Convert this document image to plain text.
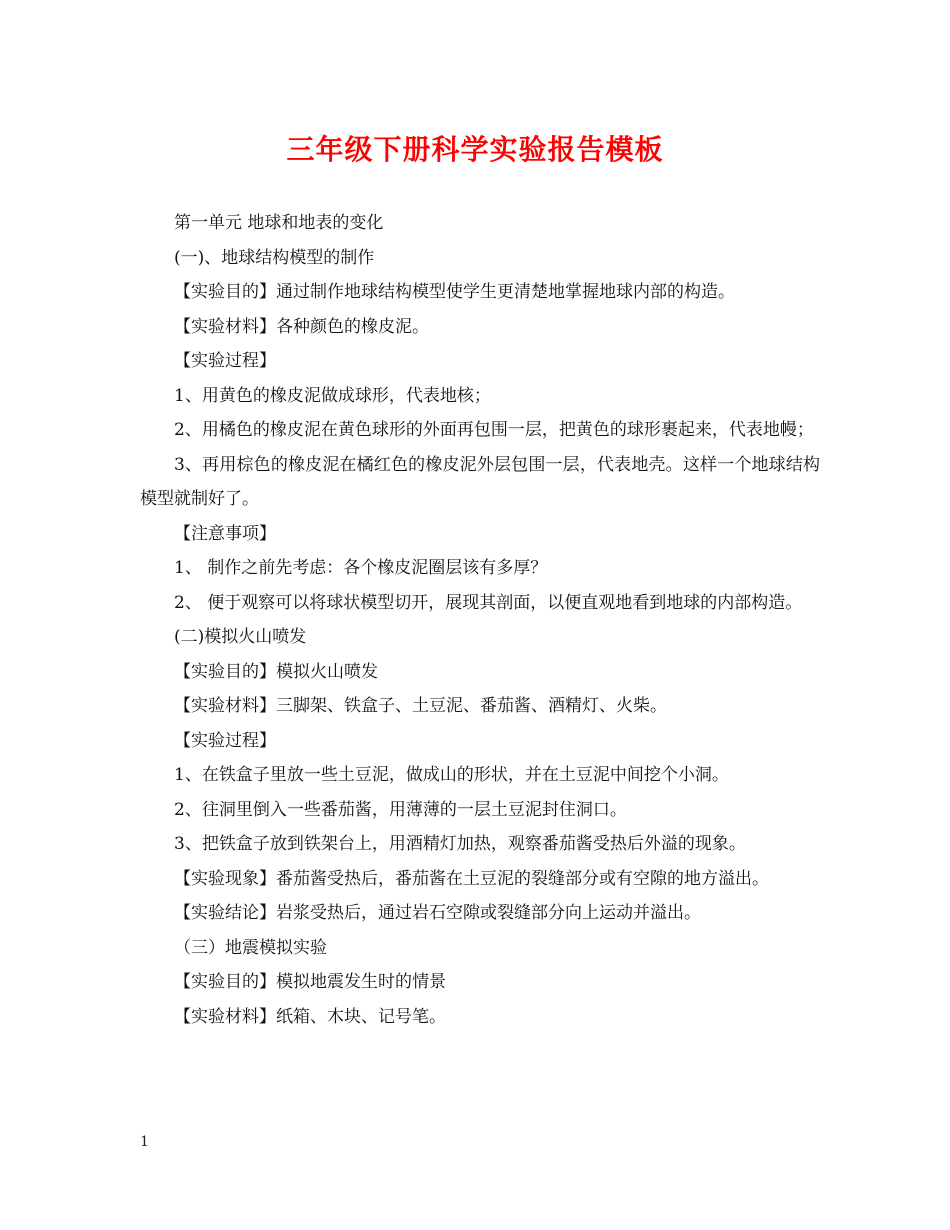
三年级下册科学实验报告模板

第一单元 地球和地表的变化

(一)、地球结构模型的制作

【实验目的】通过制作地球结构模型使学生更清楚地掌握地球内部的构造。

【实验材料】各种颜色的橡皮泥。

【实验过程】

1、用黄色的橡皮泥做成球形，代表地核；

2、用橘色的橡皮泥在黄色球形的外面再包围一层，把黄色的球形裹起来，代表地幔；

3、再用棕色的橡皮泥在橘红色的橡皮泥外层包围一层，代表地壳。这样一个地球结构模型就制好了。

【注意事项】

1、 制作之前先考虑：各个橡皮泥圈层该有多厚？

2、 便于观察可以将球状模型切开，展现其剖面，以便直观地看到地球的内部构造。

(二)模拟火山喷发

【实验目的】模拟火山喷发

【实验材料】三脚架、铁盒子、土豆泥、番茄酱、酒精灯、火柴。

【实验过程】

1、在铁盒子里放一些土豆泥，做成山的形状，并在土豆泥中间挖个小洞。

2、往洞里倒入一些番茄酱，用薄薄的一层土豆泥封住洞口。

3、把铁盒子放到铁架台上，用酒精灯加热，观察番茄酱受热后外溢的现象。

【实验现象】番茄酱受热后，番茄酱在土豆泥的裂缝部分或有空隙的地方溢出。

【实验结论】岩浆受热后，通过岩石空隙或裂缝部分向上运动并溢出。

（三）地震模拟实验

【实验目的】模拟地震发生时的情景

【实验材料】纸箱、木块、记号笔。

1
